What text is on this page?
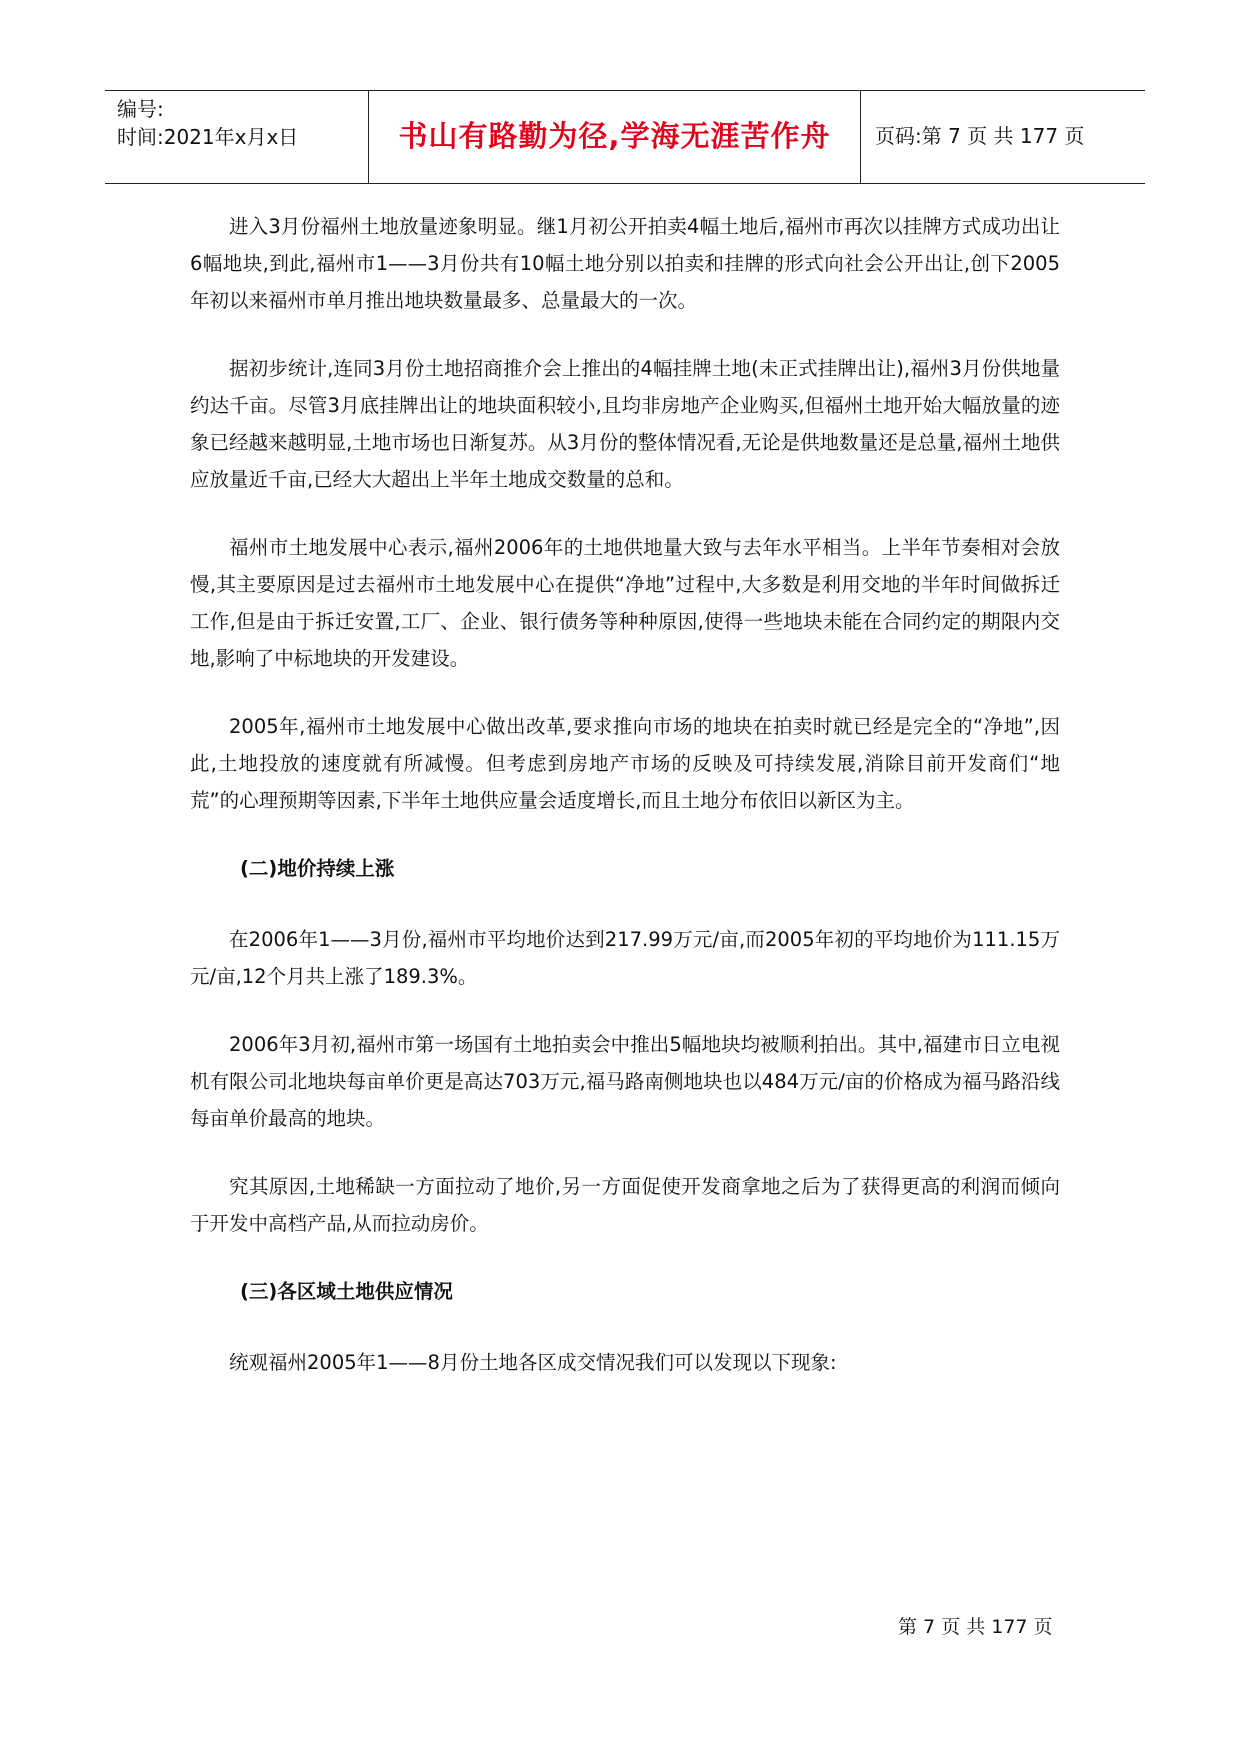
编号:
时间:2021年x月x日	书山有路勤为径,学海无涯苦作舟	页码:第 7 页 共 177 页

进入3月份福州土地放量迹象明显。继1月初公开拍卖4幅土地后,福州市再次以挂牌方式成功出让6幅地块,到此,福州市1——3月份共有10幅土地分别以拍卖和挂牌的形式向社会公开出让,创下2005年初以来福州市单月推出地块数量最多、总量最大的一次。

据初步统计,连同3月份土地招商推介会上推出的4幅挂牌土地(未正式挂牌出让),福州3月份供地量约达千亩。尽管3月底挂牌出让的地块面积较小,且均非房地产企业购买,但福州土地开始大幅放量的迹象已经越来越明显,土地市场也日渐复苏。从3月份的整体情况看,无论是供地数量还是总量,福州土地供应放量近千亩,已经大大超出上半年土地成交数量的总和。

福州市土地发展中心表示,福州2006年的土地供地量大致与去年水平相当。上半年节奏相对会放慢,其主要原因是过去福州市土地发展中心在提供“净地”过程中,大多数是利用交地的半年时间做拆迁工作,但是由于拆迁安置,工厂、企业、银行债务等种种原因,使得一些地块未能在合同约定的期限内交地,影响了中标地块的开发建设。

2005年,福州市土地发展中心做出改革,要求推向市场的地块在拍卖时就已经是完全的“净地”,因此,土地投放的速度就有所减慢。但考虑到房地产市场的反映及可持续发展,消除目前开发商们“地荒”的心理预期等因素,下半年土地供应量会适度增长,而且土地分布依旧以新区为主。

(二)地价持续上涨

在2006年1——3月份,福州市平均地价达到217.99万元/亩,而2005年初的平均地价为111.15万元/亩,12个月共上涨了189.3%。

2006年3月初,福州市第一场国有土地拍卖会中推出5幅地块均被顺利拍出。其中,福建市日立电视机有限公司北地块每亩单价更是高达703万元,福马路南侧地块也以484万元/亩的价格成为福马路沿线每亩单价最高的地块。

究其原因,土地稀缺一方面拉动了地价,另一方面促使开发商拿地之后为了获得更高的利润而倾向于开发中高档产品,从而拉动房价。

(三)各区域土地供应情况

统观福州2005年1——8月份土地各区成交情况我们可以发现以下现象:

第 7 页 共 177 页
